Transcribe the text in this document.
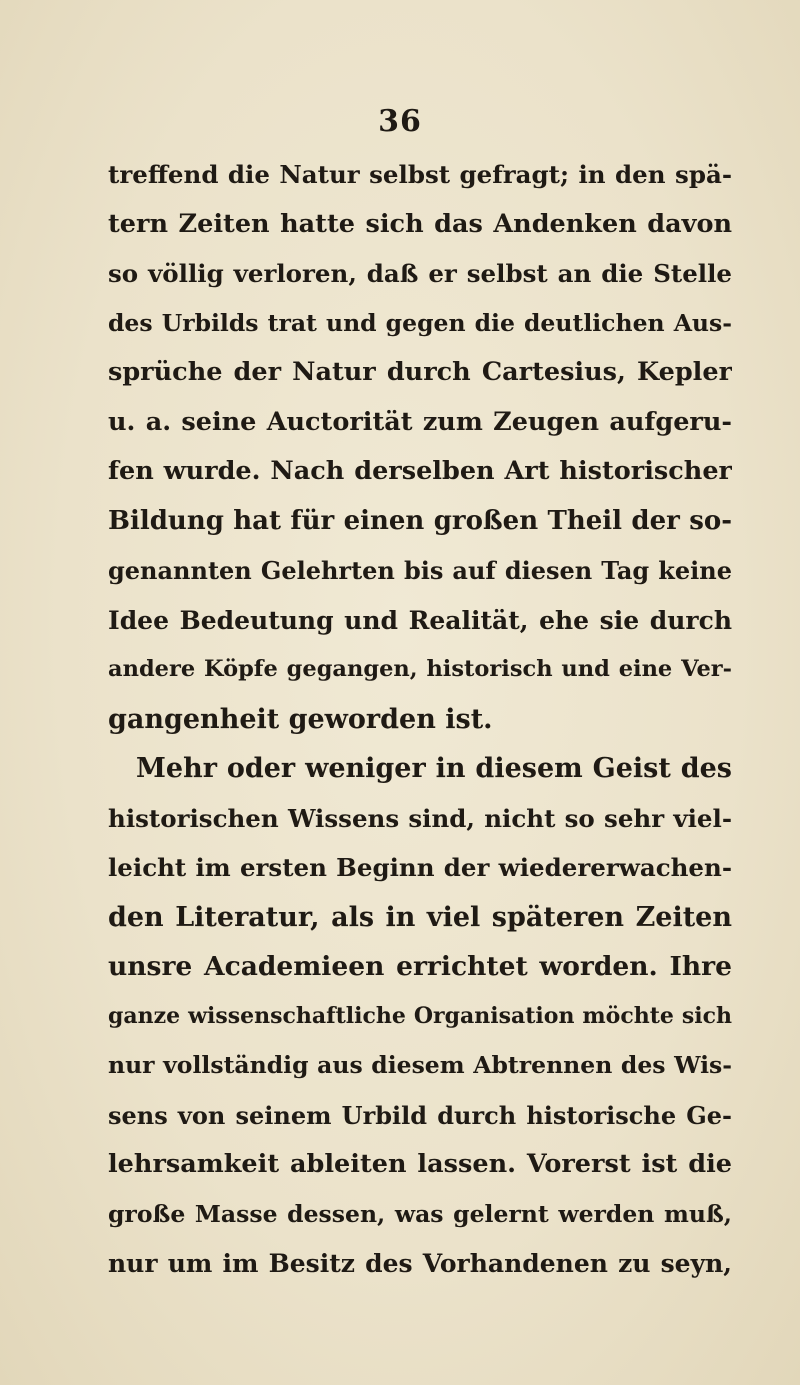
36
treffend die Natur selbst gefragt; in den spä-
tern Zeiten hatte sich das Andenken davon
so völlig verloren, daß er selbst an die Stelle
des Urbilds trat und gegen die deutlichen Aus-
sprüche der Natur durch Cartesius, Kepler
u. a. seine Auctorität zum Zeugen aufgeru-
fen wurde. Nach derselben Art historischer
Bildung hat für einen großen Theil der so-
genannten Gelehrten bis auf diesen Tag keine
Idee Bedeutung und Realität, ehe sie durch
andere Köpfe gegangen, historisch und eine Ver-
gangenheit geworden ist.
Mehr oder weniger in diesem Geist des
historischen Wissens sind, nicht so sehr viel-
leicht im ersten Beginn der wiedererwachen-
den Literatur, als in viel späteren Zeiten
unsre Academieen errichtet worden. Ihre
ganze wissenschaftliche Organisation möchte sich
nur vollständig aus diesem Abtrennen des Wis-
sens von seinem Urbild durch historische Ge-
lehrsamkeit ableiten lassen. Vorerst ist die
große Masse dessen, was gelernt werden muß,
nur um im Besitz des Vorhandenen zu seyn,
